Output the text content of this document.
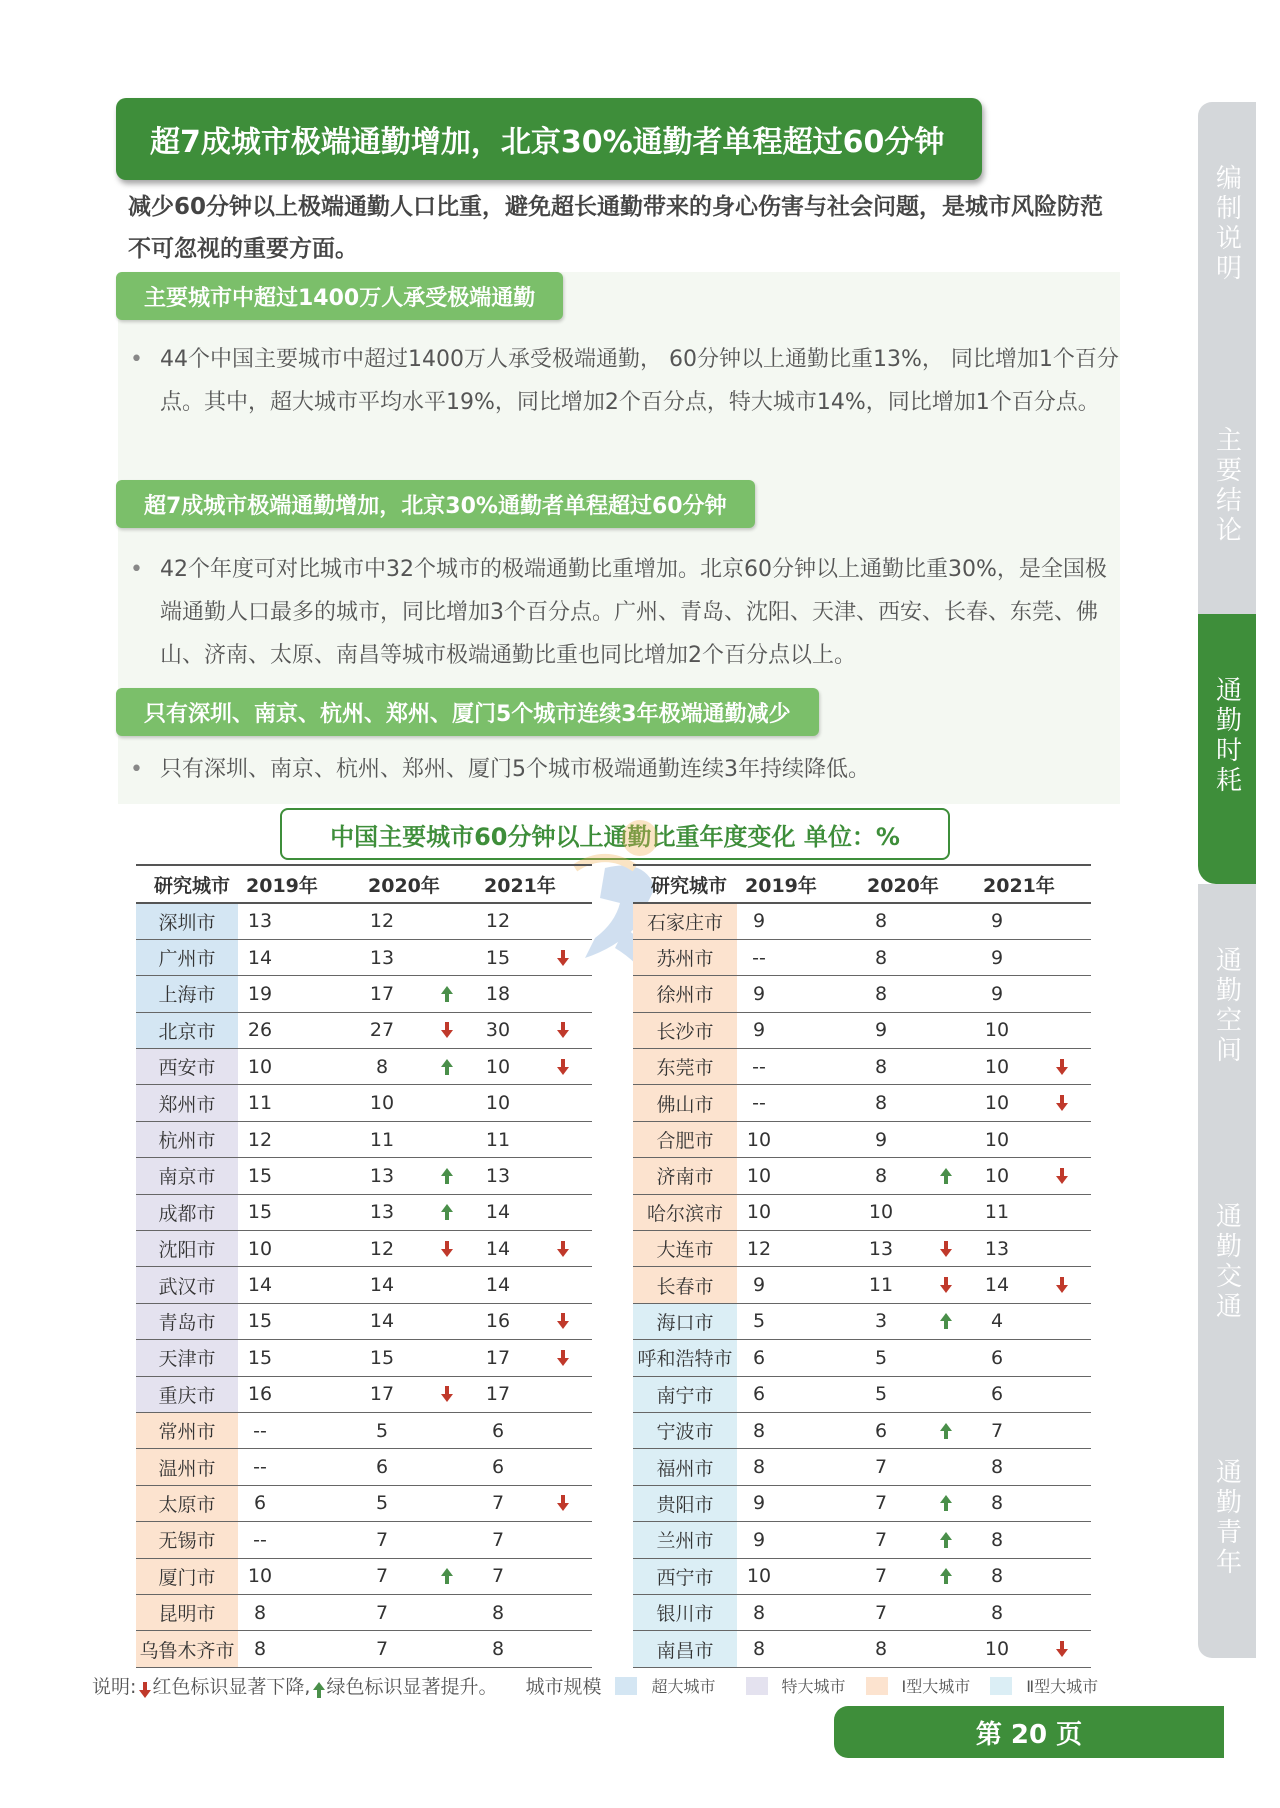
编制说明
主要结论
通勤时耗
通勤空间
通勤交通
通勤青年
超7成城市极端通勤增加，北京30%通勤者单程超过60分钟
减少60分钟以上极端通勤人口比重，避免超长通勤带来的身心伤害与社会问题，是城市风险防范不可忽视的重要方面。
主要城市中超过1400万人承受极端通勤
• 44个中国主要城市中超过1400万人承受极端通勤， 60分钟以上通勤比重13%， 同比增加1个百分点。其中，超大城市平均水平19%，同比增加2个百分点，特大城市14%，同比增加1个百分点。
超7成城市极端通勤增加，北京30%通勤者单程超过60分钟
• 42个年度可对比城市中32个城市的极端通勤比重增加。北京60分钟以上通勤比重30%，是全国极端通勤人口最多的城市，同比增加3个百分点。广州、青岛、沈阳、天津、西安、长春、东莞、佛山、济南、太原、南昌等城市极端通勤比重也同比增加2个百分点以上。
只有深圳、南京、杭州、郑州、厦门5个城市连续3年极端通勤减少
• 只有深圳、南京、杭州、郑州、厦门5个城市极端通勤连续3年持续降低。
中国主要城市60分钟以上通勤比重年度变化 单位：%
研究城市	2019年	2020年	2021年
深圳市	13	12	12
广州市	14	13	15
上海市	19	17	18
北京市	26	27	30
西安市	10	8	10
郑州市	11	10	10
杭州市	12	11	11
南京市	15	13	13
成都市	15	13	14
沈阳市	10	12	14
武汉市	14	14	14
青岛市	15	14	16
天津市	15	15	17
重庆市	16	17	17
常州市	--	5	6
温州市	--	6	6
太原市	6	5	7
无锡市	--	7	7
厦门市	10	7	7
昆明市	8	7	8
乌鲁木齐市	8	7	8
研究城市	2019年	2020年	2021年
石家庄市	9	8	9
苏州市	--	8	9
徐州市	9	8	9
长沙市	9	9	10
东莞市	--	8	10
佛山市	--	8	10
合肥市	10	9	10
济南市	10	8	10
哈尔滨市	10	10	11
大连市	12	13	13
长春市	9	11	14
海口市	5	3	4
呼和浩特市	6	5	6
南宁市	6	5	6
宁波市	8	6	7
福州市	8	7	8
贵阳市	9	7	8
兰州市	9	7	8
西宁市	10	7	8
银川市	8	7	8
南昌市	8	8	10
说明: 红色标识显著下降, 绿色标识显著提升。 城市规模	超大城市	特大城市	Ⅰ型大城市	Ⅱ型大城市
第 20 页
